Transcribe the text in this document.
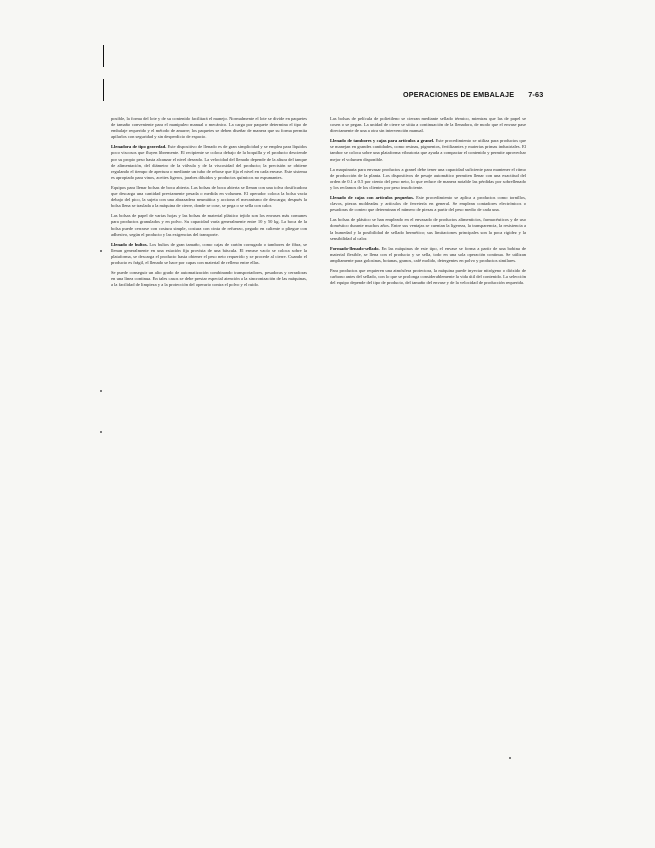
OPERACIONES DE EMBALAJE 7-63

posible, la forma del lote y de su contenido facilitará el manejo. Normalmente el lote se divide en paquetes de tamaño conveniente para el manipuleo manual o mecánico. La carga por paquete determina el tipo de embalaje requerido y el método de amarre; los paquetes se deben diseñar de manera que su forma permita apilarlos con seguridad y sin desperdicio de espacio.

Llenadora de tipo gravedad. Este dispositivo de llenado es de gran simplicidad y se emplea para líquidos poco viscosos que fluyen libremente. El recipiente se coloca debajo de la boquilla y el producto desciende por su propio peso hasta alcanzar el nivel deseado. La velocidad del llenado depende de la altura del tanque de alimentación, del diámetro de la válvula y de la viscosidad del producto; la precisión se obtiene regulando el tiempo de apertura o mediante un tubo de rebose que fija el nivel en cada envase. Este sistema es apropiado para vinos, aceites ligeros, jarabes diluidos y productos químicos no espumantes.

Equipos para llenar bolsas de boca abierta. Las bolsas de boca abierta se llenan con una tolva dosificadora que descarga una cantidad previamente pesada o medida en volumen. El operador coloca la bolsa vacía debajo del pico, la sujeta con una abrazadera neumática y acciona el mecanismo de descarga; después la bolsa llena se traslada a la máquina de cierre, donde se cose, se pega o se sella con calor.

Las bolsas de papel de varias hojas y las bolsas de material plástico tejido son los envases más comunes para productos granulados y en polvo. Su capacidad varía generalmente entre 10 y 50 kg. La boca de la bolsa puede cerrarse con costura simple, costura con cinta de refuerzo, pegado en caliente o pliegue con adhesivo, según el producto y las exigencias del transporte.

Llenado de bultos. Los bultos de gran tamaño, como cajas de cartón corrugado o tambores de fibra, se llenan generalmente en una estación fija provista de una báscula. El envase vacío se coloca sobre la plataforma, se descarga el producto hasta obtener el peso neto requerido y se procede al cierre. Cuando el producto es frágil, el llenado se hace por capas con material de relleno entre ellas.

Se puede conseguir un alto grado de automatización combinando transportadores, pesadoras y cerradoras en una línea continua. En tales casos se debe prestar especial atención a la sincronización de las máquinas, a la facilidad de limpieza y a la protección del operario contra el polvo y el ruido.

Las bolsas de película de polietileno se cierran mediante sellado térmico, mientras que las de papel se cosen o se pegan. La unidad de cierre se sitúa a continuación de la llenadora, de modo que el envase pase directamente de una a otra sin intervención manual.

Llenado de tambores y cajas para artículos a granel. Este procedimiento se utiliza para productos que se manejan en grandes cantidades, como resinas, pigmentos, fertilizantes y materias primas industriales. El tambor se coloca sobre una plataforma vibratoria que ayuda a compactar el contenido y permite aprovechar mejor el volumen disponible.

La maquinaria para envasar productos a granel debe tener una capacidad suficiente para mantener el ritmo de producción de la planta. Los dispositivos de pesaje automático permiten llenar con una exactitud del orden de 0.1 a 0.5 por ciento del peso neto, lo que reduce de manera notable las pérdidas por sobrellenado y los reclamos de los clientes por peso insuficiente.

Llenado de cajas con artículos pequeños. Este procedimiento se aplica a productos como tornillos, clavos, piezas moldeadas y artículos de ferretería en general. Se emplean contadores electrónicos o pesadoras de conteo que determinan el número de piezas a partir del peso medio de cada una.

Las bolsas de plástico se han empleado en el envasado de productos alimenticios, farmacéuticos y de uso doméstico durante muchos años. Entre sus ventajas se cuentan la ligereza, la transparencia, la resistencia a la humedad y la posibilidad de sellado hermético; sus limitaciones principales son la poca rigidez y la sensibilidad al calor.

Formado-llenado-sellado. En las máquinas de este tipo, el envase se forma a partir de una bobina de material flexible, se llena con el producto y se sella, todo en una sola operación continua. Se utilizan ampliamente para golosinas, botanas, granos, café molido, detergentes en polvo y productos similares.

Para productos que requieren una atmósfera protectora, la máquina puede inyectar nitrógeno o dióxido de carbono antes del sellado, con lo que se prolonga considerablemente la vida útil del contenido. La selección del equipo depende del tipo de producto, del tamaño del envase y de la velocidad de producción requerida.
